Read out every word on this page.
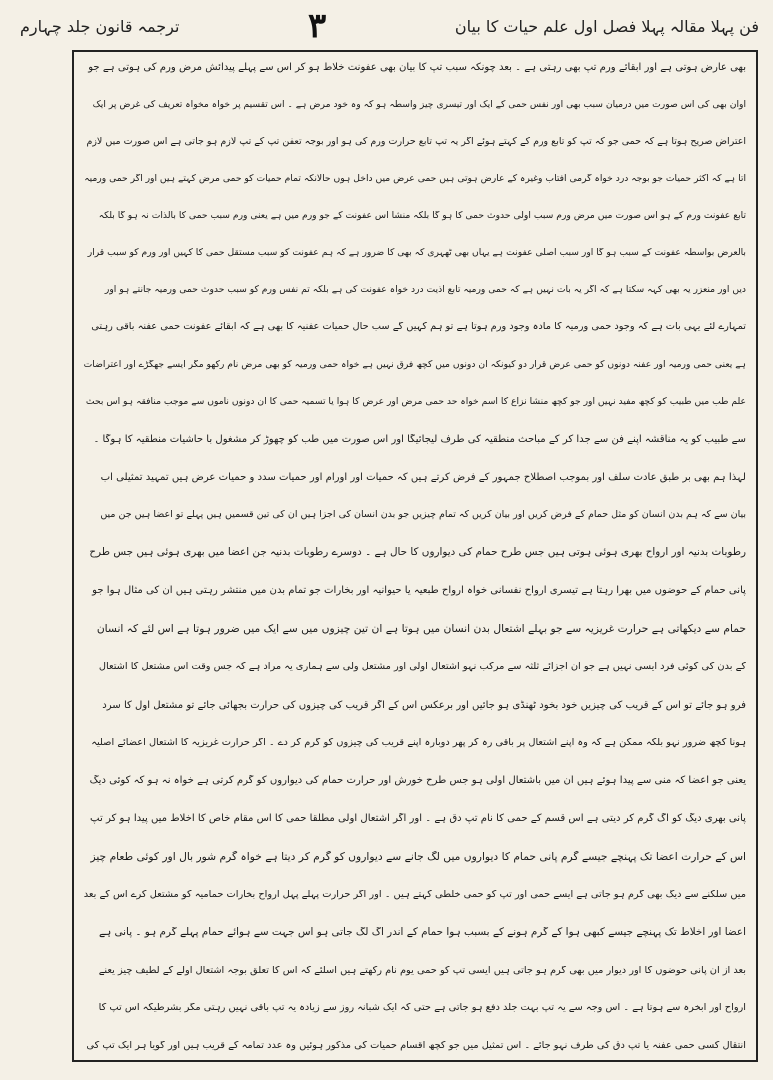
ترجمہ قانون جلد چہارم	۳	فن پہلا مقالہ پہلا فصل اول علم حیات کا بیان
بھی عارض ہوتی ہے اور ابقائے ورم تپ بھی رہتی ہے ۔ بعد چونکہ سبب تپ کا بیان بھی عفونت خلاط ہو کر اس سے پہلے پیدائش مرض ورم کی ہوتی ہے جو
اوان بھی کی اس صورت میں درمیان سبب بھی اور نفس حمی کے ایک اور تیسری چیز واسطہ ہو کہ وہ خود مرض ہے ۔ اس تقسیم پر خواہ مخواہ تعریف کی غرض پر ایک
اعتراض صریح ہوتا ہے کہ حمی جو کہ تپ کو تابع ورم کے کہتے ہوئے اگر یہ تپ تابع حرارت ورم کی ہو اور بوجہ تعفن تپ کے تپ لازم ہو جاتی ہے اس صورت میں لازم
آتا ہے کہ اکثر حمیات جو بوجہ درد خواہ گرمی آفتاب وغیرہ کے عارض ہوتی ہیں حمی عرض میں داخل ہوں حالانکہ تمام حمیات کو حمی مرض کہتے ہیں اور اگر حمی ورمیہ
تابع عفونت ورم کے ہو اس صورت میں مرض ورم سبب اولی حدوث حمی کا ہو گا بلکہ منشا اس عفونت کے جو ورم میں ہے یعنی ورم سبب حمی کا بالذات نہ ہو گا بلکہ
بالعرض بواسطہ عفونت کے سبب ہو گا اور سبب اصلی عفونت ہے یہاں بھی ٹھہری کہ بھی کا ضرور ہے کہ ہم عفونت کو سبب مستقل حمی کا کہیں اور ورم کو سبب قرار
دیں اور منعزر یہ بھی کہہ سکتا ہے کہ اگر یہ بات نہیں ہے کہ حمی ورمیہ تابع اذیت درد خواہ عفونت کی ہے بلکہ تم نفس ورم کو سبب حدوث حمی ورمیہ جانتے ہو اور
تمہارے لئے یہی بات ہے کہ وجود حمی ورمیہ کا مادہ وجود ورم ہوتا ہے تو ہم کہیں گے سب حال حمیات عفنیہ کا بھی ہے کہ ابقائے عفونت حمی عفنہ باقی رہتی
ہے یعنی حمی ورمیہ اور عفنہ دونوں کو حمی عرض قرار دو کیونکہ ان دونوں میں کچھ فرق نہیں ہے خواہ حمی ورمیہ کو بھی مرض نام رکھو مگر ایسے جھگڑے اور اعتراضات
علم طب میں طبیب کو کچھ مفید نہیں اور جو کچھ منشا نزاع کا اسم خواہ حد حمی مرض اور عرض کا ہوا یا تسمیہ حمی کا ان دونوں ناموں سے موجب منافقہ ہو اس بحث
سے طبیب کو یہ مناقشہ اپنے فن سے جدا کر کے مباحث منطقیہ کی طرف لیجائیگا اور اس صورت میں طب کو چھوڑ کر مشغول با حاشیات منطقیہ کا ہوگا ۔
لہذا ہم بھی بر طبق عادت سلف اور بموجب اصطلاح جمہور کے فرض کرتے ہیں کہ حمیات اور اورام اور حمیات سدد و حمیات عرض ہیں تمہید تمثیلی اب
بیان سے کہ ہم بدن انسان کو مثل حمام کے فرض کریں اور بیان کریں کہ تمام چیزیں جو بدن انسان کی اجزا ہیں اُن کی تین قسمیں ہیں پہلے تو اعضا ہیں جن میں
رطوبات بدنیہ اور ارواح بھری ہوئی ہوتی ہیں جس طرح حمام کی دیواروں کا حال ہے ۔ دوسرے رطوبات بدنیہ جن اعضا میں بھری ہوئی ہیں جس طرح
پانی حمام کے حوضوں میں بھرا رہتا ہے تیسری ارواح نفسانی خواہ ارواح طبعیہ یا حیوانیہ اور بخارات جو تمام بدن میں منتشر رہتی ہیں اُن کی مثال ہوا جو
حمام سے دیکھاتی ہے حرارت غریزیہ سے جو بہلے اشتعال بدن انسان میں ہوتا ہے ان تین چیزوں میں سے ایک میں ضرور ہوتا ہے اس لئے کہ انسان
کے بدن کی کوئی فرد ایسی نہیں ہے جو ان اجزائے ثلثہ سے مرکب نہو اشتعال اولی اور مشتعل ولی سے ہماری یہ مراد ہے کہ جس وقت اس مشتعل کا اشتعال
فرو ہو جائے تو اس کے قریب کی چیزیں خود بخود ٹھنڈی ہو جائیں اور برعکس اس کے اگر قریب کی چیزوں کی حرارت بجھائی جائے تو مشتعل اول کا سرد
ہونا کچھ ضرور نہو بلکہ ممکن ہے کہ وہ اپنے اشتعال پر باقی رہ کر پھر دوبارہ اپنے قریب کی چیزوں کو گرم کر دے ۔ اگر حرارت غریزیہ کا اشتعال اعضائے اصلیہ
یعنی جو اعضا کہ منی سے پیدا ہوئے ہیں اُن میں باشتعال اولی ہو جس طرح خورش اور حرارت حمام کی دیواروں کو گرم کرتی ہے خواہ نہ ہو کہ کوئی دیگ
پانی بھری دیگ کو آگ گرم کر دیتی ہے اس قسم کے حمی کا نام تپ دق ہے ۔ اور اگر اشتعال اولی مطلقا حمی کا اس مقام خاص کا اخلاط میں پیدا ہو کر تپ
اس کے حرارت اعضا تک پہنچے جیسے گرم پانی حمام کا دیواروں میں لگ جانے سے دیواروں کو گرم کر دیتا ہے خواہ گرم شور بال اور کوئی طعام چیز
میں سلکنے سے دیگ بھی گرم ہو جاتی ہے ایسے حمی اور تپ کو حمی خلطی کہتے ہیں ۔ اور اگر حرارت پہلے پہل ارواح بخارات حمامیہ کو مشتعل کرے اس کے بعد
اعضا اور اخلاط تک پہنچے جیسے کبھی ہوا کے گرم ہونے کے بسبب ہوا حمام کے اندر آگ لگ جاتی ہو اس جہت سے ہوائے حمام پہلے گرم ہو ۔ پانی ہے
بعد از ان پانی حوضوں کا اور دیوار میں بھی گرم ہو جاتی ہیں ایسی تپ کو حمی یوم نام رکھتے ہیں اسلئے کہ اس کا تعلق بوجہ اشتعال اولے کے لطیف چیز یعنے
ارواح اور ابخرہ سے ہوتا ہے ۔ اس وجہ سے یہ تپ بہت جلد دفع ہو جاتی ہے حتی کہ ایک شبانہ روز سے زیادہ یہ تپ باقی نہیں رہتی مگر بشرطیکہ اس تپ کا
انتقال کسی حمی عفنہ یا تپ دق کی طرف نہو جائے ۔ اس تمثیل میں جو کچھ اقسام حمیات کی مذکور ہوئیں وہ عدد تمامہ کے قریب ہیں اور گویا ہر ایک تپ کی
